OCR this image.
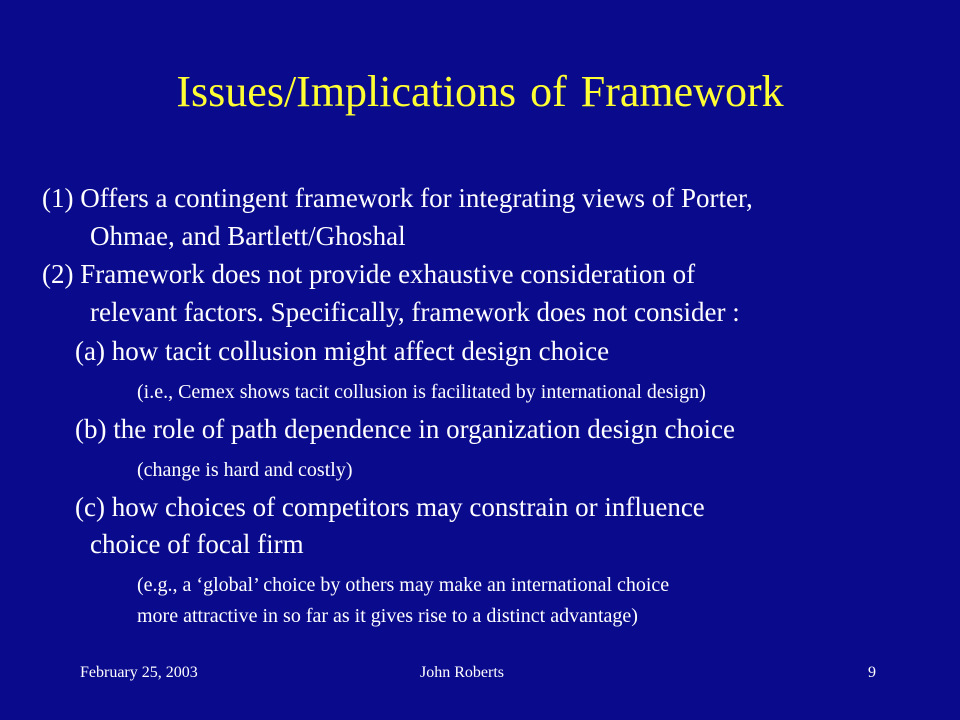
Issues/Implications of Framework
(1) Offers a contingent framework for integrating views of Porter,
Ohmae, and Bartlett/Ghoshal
(2) Framework does not provide exhaustive consideration of
relevant factors. Specifically, framework does not consider :
(a) how tacit collusion might affect design choice
(i.e., Cemex shows tacit collusion is facilitated by international design)
(b) the role of path dependence in organization design choice
(change is hard and costly)
(c) how choices of competitors may constrain or influence
choice of focal firm
(e.g., a ‘global’ choice by others may make an international choice
more attractive in so far as it gives rise to a distinct advantage)
February 25, 2003	John Roberts	9
